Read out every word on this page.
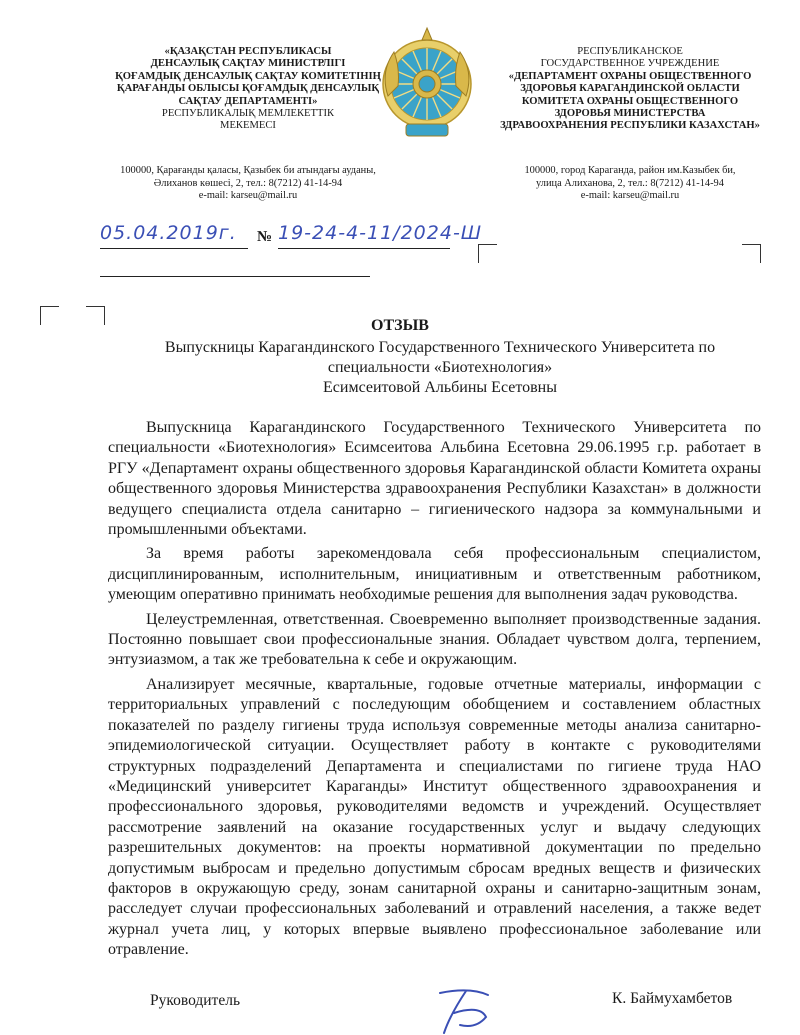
«ҚАЗАҚСТАН РЕСПУБЛИКАСЫ
ДЕНСАУЛЫҚ САҚТАУ МИНИСТРЛІГІ
ҚОҒАМДЫҚ ДЕНСАУЛЫҚ САҚТАУ КОМИТЕТІНІҢ
ҚАРАҒАНДЫ ОБЛЫСЫ ҚОҒАМДЫҚ ДЕНСАУЛЫҚ
САҚТАУ ДЕПАРТАМЕНТІ»
РЕСПУБЛИКАЛЫҚ МЕМЛЕКЕТТІК
МЕКЕМЕСІ
РЕСПУБЛИКАНСКОЕ
ГОСУДАРСТВЕННОЕ УЧРЕЖДЕНИЕ
«ДЕПАРТАМЕНТ ОХРАНЫ ОБЩЕСТВЕННОГО
ЗДОРОВЬЯ КАРАГАНДИНСКОЙ ОБЛАСТИ
КОМИТЕТА ОХРАНЫ ОБЩЕСТВЕННОГО
ЗДОРОВЬЯ МИНИСТЕРСТВА
ЗДРАВООХРАНЕНИЯ РЕСПУБЛИКИ КАЗАХСТАН»
100000, Қарағанды қаласы, Қазыбек би атындағы ауданы,
Әлиханов көшесі, 2, тел.: 8(7212) 41-14-94
e-mail: karseu@mail.ru
100000, город Караганда, район им.Казыбек би,
улица Алиханова, 2, тел.: 8(7212) 41-14-94
e-mail: karseu@mail.ru
05.04.2019г. № 19-24-4-11/2024-Ш
ОТЗЫВ
Выпускницы Карагандинского Государственного Технического Университета по
специальности «Биотехнология»
Есимсеитовой Альбины Есетовны

Выпускница Карагандинского Государственного Технического Университета по специальности «Биотехнология» Есимсеитова Альбина Есетовна 29.06.1995 г.р. работает в РГУ «Департамент охраны общественного здоровья Карагандинской области Комитета охраны общественного здоровья Министерства здравоохранения Республики Казахстан» в должности ведущего специалиста отдела санитарно – гигиенического надзора за коммунальными и промышленными объектами.

За время работы зарекомендовала себя профессиональным специалистом, дисциплинированным, исполнительным, инициативным и ответственным работником, умеющим оперативно принимать необходимые решения для выполнения задач руководства.

Целеустремленная, ответственная. Своевременно выполняет производственные задания. Постоянно повышает свои профессиональные знания. Обладает чувством долга, терпением, энтузиазмом, а так же требовательна к себе и окружающим.

Анализирует месячные, квартальные, годовые отчетные материалы, информации с территориальных управлений с последующим обобщением и составлением областных показателей по разделу гигиены труда используя современные методы анализа санитарно-эпидемиологической ситуации. Осуществляет работу в контакте с руководителями структурных подразделений Департамента и специалистами по гигиене труда НАО «Медицинский университет Караганды» Институт общественного здравоохранения и профессионального здоровья, руководителями ведомств и учреждений. Осуществляет рассмотрение заявлений на оказание государственных услуг и выдачу следующих разрешительных документов: на проекты нормативной документации по предельно допустимым выбросам и предельно допустимым сбросам вредных веществ и физических факторов в окружающую среду, зонам санитарной охраны и санитарно-защитным зонам, расследует случаи профессиональных заболеваний и отравлений населения, а также ведет журнал учета лиц, у которых впервые выявлено профессиональное заболевание или отравление.

Руководитель	К. Баймухамбетов
